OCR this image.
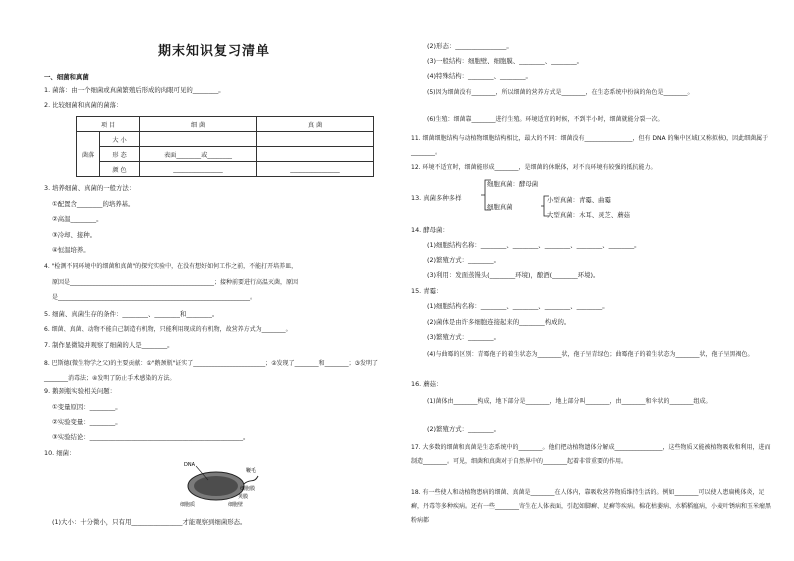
期末知识复习清单
一、细菌和真菌
1. 菌落：由一个细菌或真菌繁殖后形成的肉眼可见的________。
2. 比较细菌和真菌的菌落：
3. 培养细菌、真菌的一般方法：
①配置含________的培养基。
②高温________。
③冷却、接种。
④恒温培养。
4. "检测不同环境中的细菌和真菌"的探究实验中，在没有想好如何工作之前，不能打开培养皿，
原因是________________________________________________；接种前要进行高温灭菌，原因
是________________________________________________________________。
5. 细菌、真菌生存的条件：________、________和________。
6. 细菌、真菌、动物不能自己制造有机物，只能利用现成的有机物，故营养方式为________。
7. 制作显微镜并观察了细菌的人是________。
8. 巴斯德(微生物学之父)的主要贡献：①"鹅颈瓶"证实了________________________；②发现了________和________；③发明了________消毒法；④发明了防止手术感染的方法。
9. 鹅颈瓶实验相关问题：
①变量原因：________。
②实验变量：________。
③实验结论：________________________________________________。
10. 细菌：
(1)大小：十分微小，只有用________________才能观察到细菌形态。
项 目		细 菌	真 菌
菌落	大 小		
	形 态	表面________或________	
	颜 色	________________	________________
DNA
鞭毛
细胞膜
荚膜
细胞质	细胞壁
(2)形态：________________。
(3)一般结构：细胞壁、细胞膜、________、________。
(4)特殊结构：________、________。
(5)因为细菌没有________，所以细菌的营养方式是________，在生态系统中扮演的角色是________。
(6)生殖：细菌靠________进行生殖。环境适宜的时候，不到半小时，细菌就能分裂一次。
11. 细菌细胞结构与动植物细胞结构相比，最大的不同：细菌没有________________，但有 DNA 的集中区域(又称拟核)，因此细菌属于________。
12. 环境不适宜时，细菌能形成________，是细菌的休眠体，对不良环境有较强的抵抗能力。
13. 真菌多种多样
细胞真菌：酵母菌
细胞真菌
小型真菌：青霉、曲霉
大型真菌：木耳、灵芝、蘑菇
14. 酵母菌：
(1)细胞结构名称：________、________、________、________、________。
(2)繁殖方式：________。
(3)利用：发面蒸馒头(________环境)，酿酒(________环境)。
15. 青霉：
(1)细胞结构名称：________、________、________、________。
(2)菌体是由许多细胞连接起来的________构成的。
(3)繁殖方式：________。
(4)与曲霉的区别：青霉孢子的着生状态为________状，孢子呈青绿色；曲霉孢子的着生状态为________状，孢子呈黑褐色。
16. 蘑菇：
(1)菌体由________构成，地下部分是________，地上部分叫________，由________和伞状的________组成。
(2)繁殖方式：________。
17. 大多数的细菌和真菌是生态系统中的________。他们把动植物遗体分解成________________，这些物质又能被植物吸收和利用，进而制造________。可见，细菌和真菌对于自然界中的________起着非常重要的作用。
18. 有一些使人和动植物患病的细菌、真菌是________在人体内，靠吸收营养物质维持生活的。例如________可以使人患扁桃体炎，足癣，丹毒等多种疾病。还有一些________寄生在人体表面，引起如脚癣、足癣等疾病。棉花枯萎病、水稻稻瘟病，小麦叶锈病和玉米瘤黑粉病都
